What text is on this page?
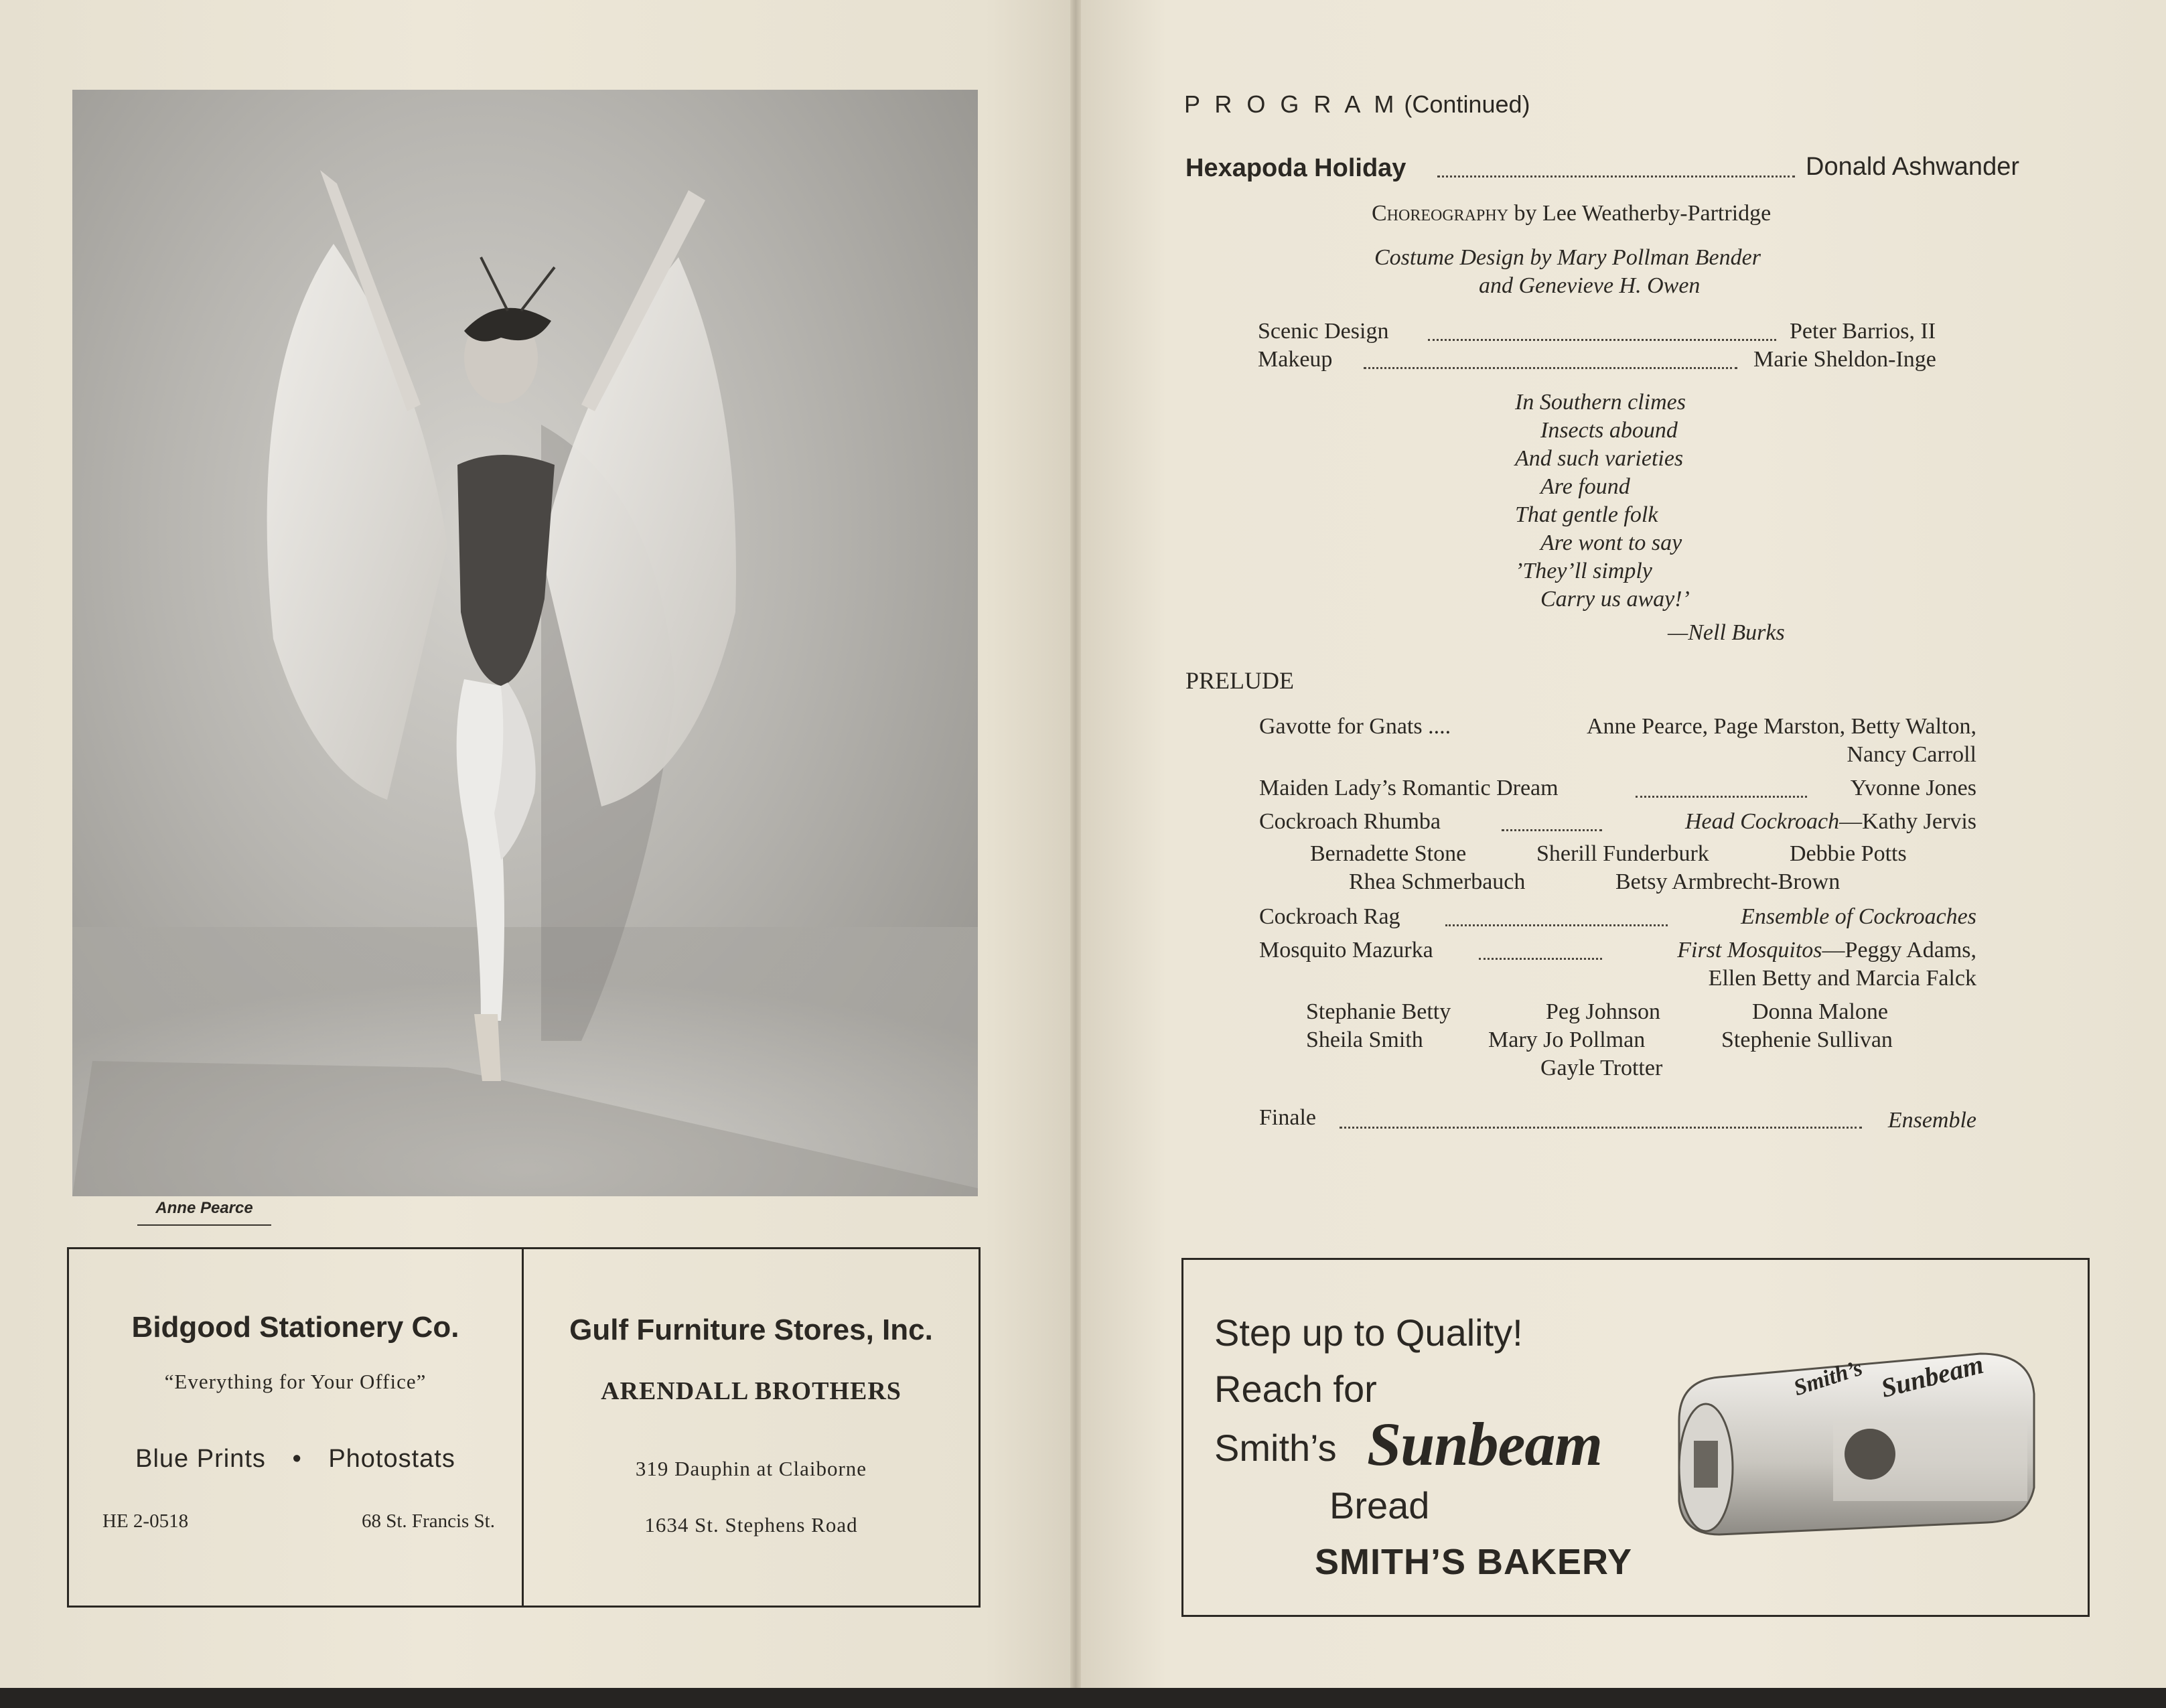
Anne Pearce
Bidgood Stationery Co.
“Everything for Your Office”
Blue Prints • Photostats
HE 2-0518	68 St. Francis St.
Gulf Furniture Stores, Inc.
ARENDALL BROTHERS
319 Dauphin at Claiborne
1634 St. Stephens Road
P R O G R A M (Continued)
Hexapoda Holiday	Donald Ashwander
Choreography by Lee Weatherby-Partridge
Costume Design by Mary Pollman Bender
and Genevieve H. Owen
Scenic Design	Peter Barrios, II
Makeup	Marie Sheldon-Inge
In Southern climes
Insects abound
And such varieties
Are found
That gentle folk
Are wont to say
’They’ll simply
Carry us away!’
—Nell Burks
PRELUDE
Gavotte for Gnats ....	Anne Pearce, Page Marston, Betty Walton,
Nancy Carroll
Maiden Lady’s Romantic Dream	Yvonne Jones
Cockroach Rhumba	Head Cockroach—Kathy Jervis
Bernadette Stone	Sherill Funderburk	Debbie Potts
Rhea Schmerbauch	Betsy Armbrecht-Brown
Cockroach Rag	Ensemble of Cockroaches
Mosquito Mazurka	First Mosquitos—Peggy Adams,
Ellen Betty and Marcia Falck
Stephanie Betty	Peg Johnson	Donna Malone
Sheila Smith	Mary Jo Pollman	Stephenie Sullivan
Gayle Trotter
Finale	Ensemble
Step up to Quality!
Reach for
Smith’s Sunbeam
Bread
SMITH’S BAKERY
Smith’s Sunbeam
